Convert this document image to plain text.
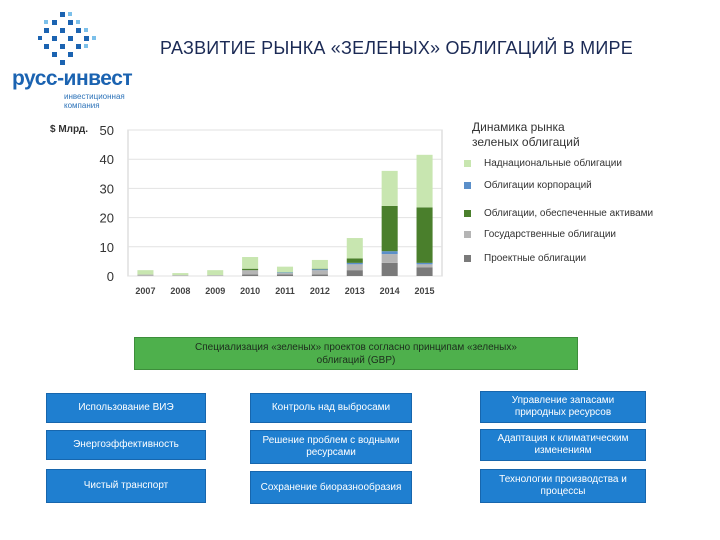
русс-инвест
инвестиционная
компания
РАЗВИТИЕ РЫНКА «ЗЕЛЕНЫХ» ОБЛИГАЦИЙ В МИРЕ
$ Млрд.
0
10
20
30
40
50
2007 2008 2009 2010 2011 2012 2013 2014 2015
Динамика рынка
зеленых облигаций
Наднациональные облигации
Облигации корпораций
Облигации, обеспеченные активами
Государственные облигации
Проектные облигации
Специализация «зеленых» проектов согласно принципам «зеленых»
облигаций (GBP)
Использование ВИЭ	Контроль над выбросами
Управление запасами природных ресурсов
Энергоэффективность	Решение проблем с водными ресурсами
Адаптация к климатическим изменениям
Чистый транспорт	Сохранение биоразнообразия
Технологии производства и процессы
